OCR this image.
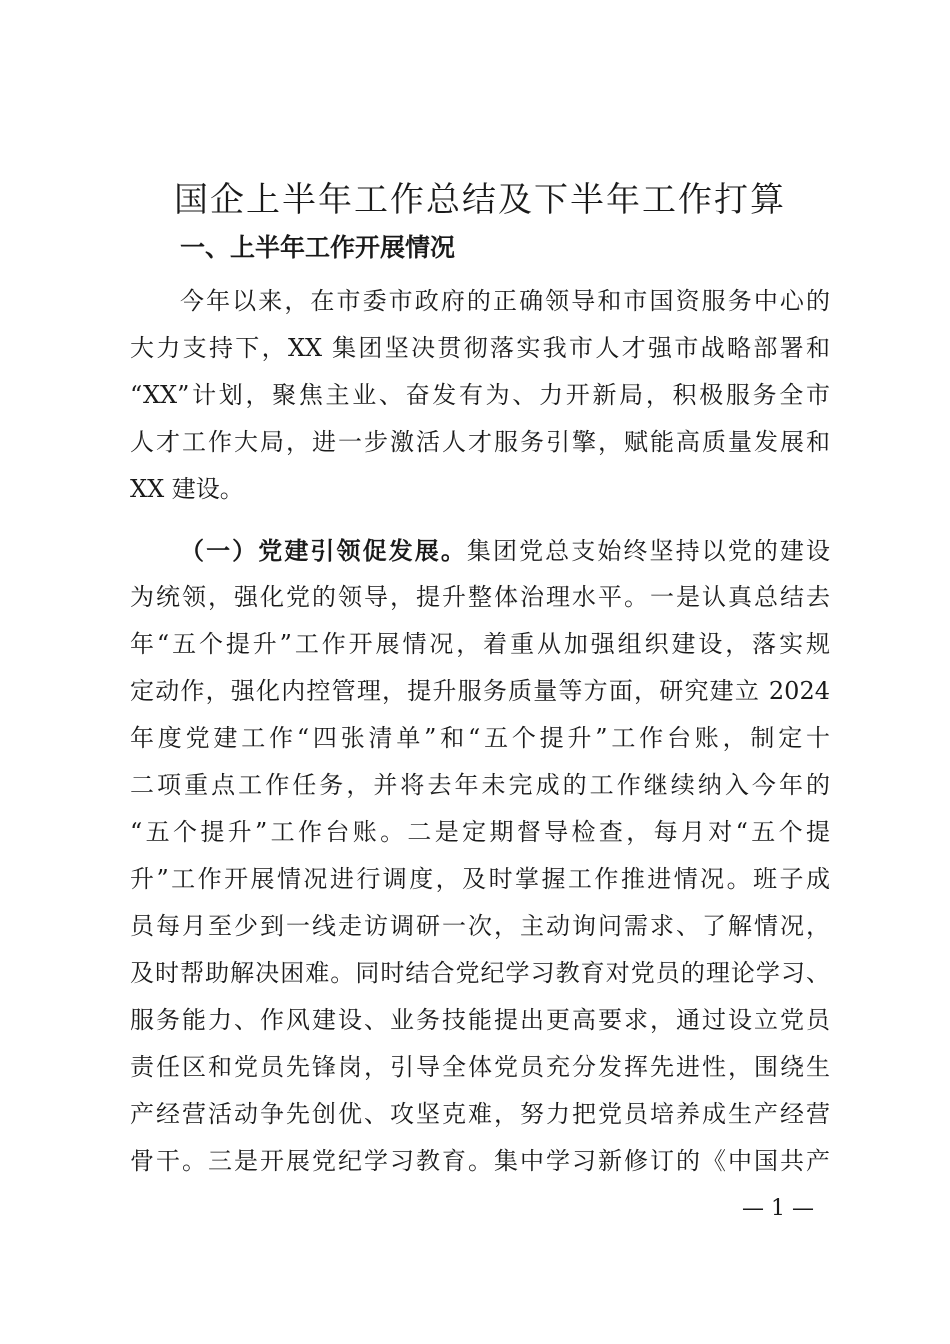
国企上半年工作总结及下半年工作打算
一、上半年工作开展情况
今年以来，在市委市政府的正确领导和市国资服务中心的
大力支持下，XX 集团坚决贯彻落实我市人才强市战略部署和
“XX”计划，聚焦主业、奋发有为、力开新局，积极服务全市
人才工作大局，进一步激活人才服务引擎，赋能高质量发展和
XX 建设。
（一）党建引领促发展。集团党总支始终坚持以党的建设
为统领，强化党的领导，提升整体治理水平。一是认真总结去
年“五个提升”工作开展情况，着重从加强组织建设，落实规
定动作，强化内控管理，提升服务质量等方面，研究建立 2024
年度党建工作“四张清单”和“五个提升”工作台账，制定十
二项重点工作任务，并将去年未完成的工作继续纳入今年的
“五个提升”工作台账。二是定期督导检查，每月对“五个提
升”工作开展情况进行调度，及时掌握工作推进情况。班子成
员每月至少到一线走访调研一次，主动询问需求、了解情况，
及时帮助解决困难。同时结合党纪学习教育对党员的理论学习、
服务能力、作风建设、业务技能提出更高要求，通过设立党员
责任区和党员先锋岗，引导全体党员充分发挥先进性，围绕生
产经营活动争先创优、攻坚克难，努力把党员培养成生产经营
骨干。三是开展党纪学习教育。集中学习新修订的《中国共产
— 1 —
